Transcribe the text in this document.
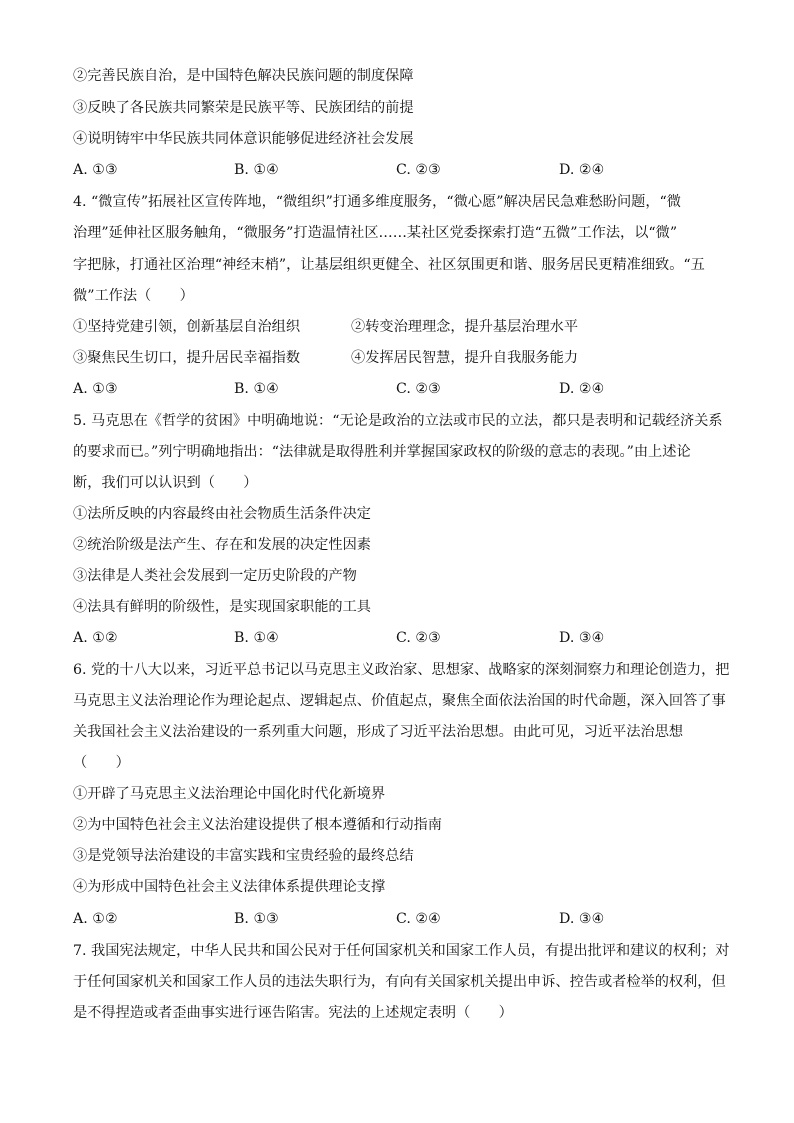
②完善民族自治，是中国特色解决民族问题的制度保障
③反映了各民族共同繁荣是民族平等、民族团结的前提
④说明铸牢中华民族共同体意识能够促进经济社会发展
A. ①③	B. ①④	C. ②③	D. ②④
4. “微宣传”拓展社区宣传阵地，“微组织”打通多维度服务，“微心愿”解决居民急难愁盼问题，“微
治理”延伸社区服务触角，“微服务”打造温情社区……某社区党委探索打造“五微”工作法，以“微”
字把脉，打通社区治理“神经末梢”，让基层组织更健全、社区氛围更和谐、服务居民更精准细致。“五
微”工作法（　　）
①坚持党建引领，创新基层自治组织	②转变治理理念，提升基层治理水平
③聚焦民生切口，提升居民幸福指数	④发挥居民智慧，提升自我服务能力
A. ①③	B. ①④	C. ②③	D. ②④
5. 马克思在《哲学的贫困》中明确地说：“无论是政治的立法或市民的立法，都只是表明和记载经济关系
的要求而已。”列宁明确地指出：“法律就是取得胜利并掌握国家政权的阶级的意志的表现。”由上述论
断，我们可以认识到（　　）
①法所反映的内容最终由社会物质生活条件决定
②统治阶级是法产生、存在和发展的决定性因素
③法律是人类社会发展到一定历史阶段的产物
④法具有鲜明的阶级性，是实现国家职能的工具
A. ①②	B. ①④	C. ②③	D. ③④
6. 党的十八大以来，习近平总书记以马克思主义政治家、思想家、战略家的深刻洞察力和理论创造力，把
马克思主义法治理论作为理论起点、逻辑起点、价值起点，聚焦全面依法治国的时代命题，深入回答了事
关我国社会主义法治建设的一系列重大问题，形成了习近平法治思想。由此可见，习近平法治思想
（　　）
①开辟了马克思主义法治理论中国化时代化新境界
②为中国特色社会主义法治建设提供了根本遵循和行动指南
③是党领导法治建设的丰富实践和宝贵经验的最终总结
④为形成中国特色社会主义法律体系提供理论支撑
A. ①②	B. ①③	C. ②④	D. ③④
7. 我国宪法规定，中华人民共和国公民对于任何国家机关和国家工作人员，有提出批评和建议的权利；对
于任何国家机关和国家工作人员的违法失职行为，有向有关国家机关提出申诉、控告或者检举的权利，但
是不得捏造或者歪曲事实进行诬告陷害。宪法的上述规定表明（　　）
